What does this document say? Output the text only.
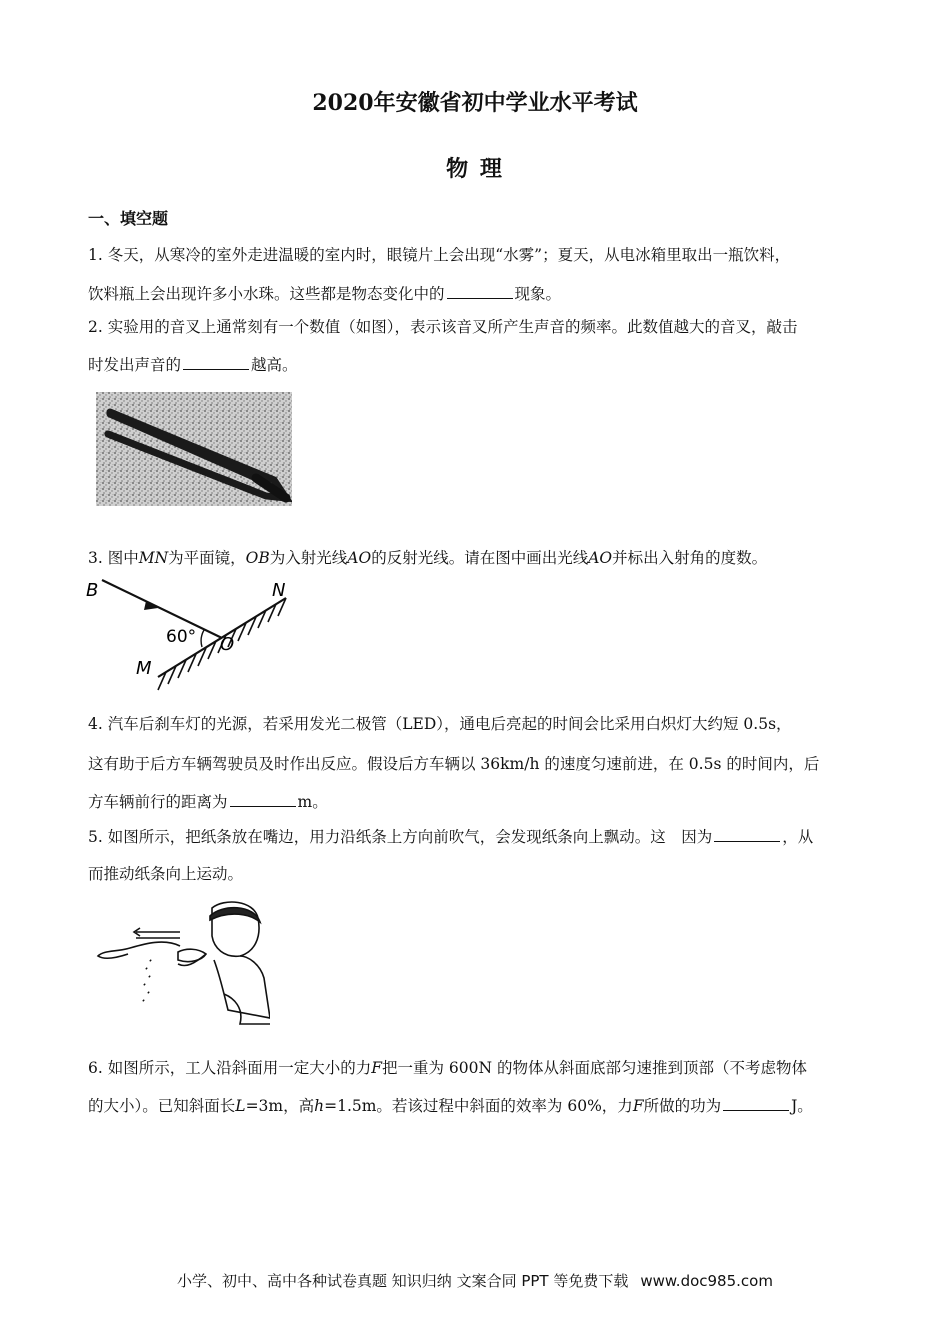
2020年安徽省初中学业水平考试
物 理
一、填空题
1. 冬天，从寒冷的室外走进温暖的室内时，眼镜片上会出现“水雾”；夏天，从电冰箱里取出一瓶饮料，
饮料瓶上会出现许多小水珠。这些都是物态变化中的	现象。
2. 实验用的音叉上通常刻有一个数值（如图），表示该音叉所产生声音的频率。此数值越大的音叉，敲击
时发出声音的	越高。
3. 图中MN为平面镜，OB为入射光线AO的反射光线。请在图中画出光线AO并标出入射角的度数。
B	N
O
M
60°
4. 汽车后刹车灯的光源，若采用发光二极管（LED），通电后亮起的时间会比采用白炽灯大约短 0.5s，
这有助于后方车辆驾驶员及时作出反应。假设后方车辆以 36km/h 的速度匀速前进，在 0.5s 的时间内，后
方车辆前行的距离为	m。
5. 如图所示，把纸条放在嘴边，用力沿纸条上方向前吹气，会发现纸条向上飘动。这　因为	，从
而推动纸条向上运动。
6. 如图所示，工人沿斜面用一定大小的力F把一重为 600N 的物体从斜面底部匀速推到顶部（不考虑物体
的大小）。已知斜面长L=3m，高h=1.5m。若该过程中斜面的效率为 60%，力F所做的功为	J。
小学、初中、高中各种试卷真题 知识归纳 文案合同 PPT 等免费下载 www.doc985.com
